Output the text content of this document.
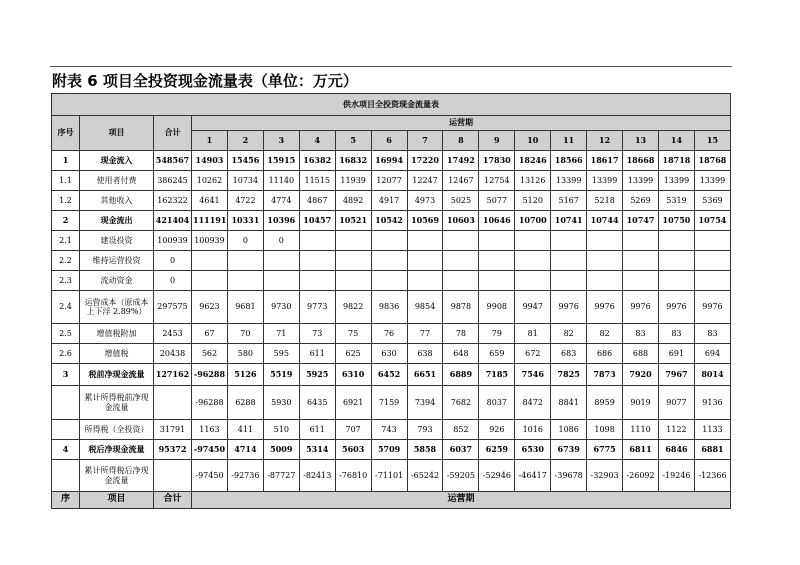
附表 6 项目全投资现金流量表（单位：万元）
供水项目全投资现金流量表																	
序号	项目	合计	运营期														
			1	2	3	4	5	6	7	8	9	10	11	12	13	14	15
1	现金流入	548567	14903	15456	15915	16382	16832	16994	17220	17492	17830	18246	18566	18617	18668	18718	18768
1.1	使用者付费	386245	10262	10734	11140	11515	11939	12077	12247	12467	12754	13126	13399	13399	13399	13399	13399
1.2	其他收入	162322	4641	4722	4774	4867	4892	4917	4973	5025	5077	5120	5167	5218	5269	5319	5369
2	现金流出	421404	111191	10331	10396	10457	10521	10542	10569	10603	10646	10700	10741	10744	10747	10750	10754
2.1	建设投资	100939	100939	0	0												
2.2	维持运营投资	0															
2.3	流动资金	0															
2.4	运营成本（原成本上下浮 2.89%）	297575	9623	9681	9730	9773	9822	9836	9854	9878	9908	9947	9976	9976	9976	9976	9976
2.5	增值税附加	2453	67	70	71	73	75	76	77	78	79	81	82	82	83	83	83
2.6	增值税	20438	562	580	595	611	625	630	638	648	659	672	683	686	688	691	694
3	税前净现金流量	127162	-96288	5126	5519	5925	6310	6452	6651	6889	7185	7546	7825	7873	7920	7967	8014
	累计所得税前净现金流量		-96288	6288	5930	6435	6921	7159	7394	7682	8037	8472	8841	8959	9019	9077	9136
	所得税（全投资）	31791	1163	411	510	611	707	743	793	852	926	1016	1086	1098	1110	1122	1133
4	税后净现金流量	95372	-97450	4714	5009	5314	5603	5709	5858	6037	6259	6530	6739	6775	6811	6846	6881
	累计所得税后净现金流量		-97450	-92736	-87727	-82413	-76810	-71101	-65242	-59205	-52946	-46417	-39678	-32903	-26092	-19246	-12366
序	项目	合计	运营期														
